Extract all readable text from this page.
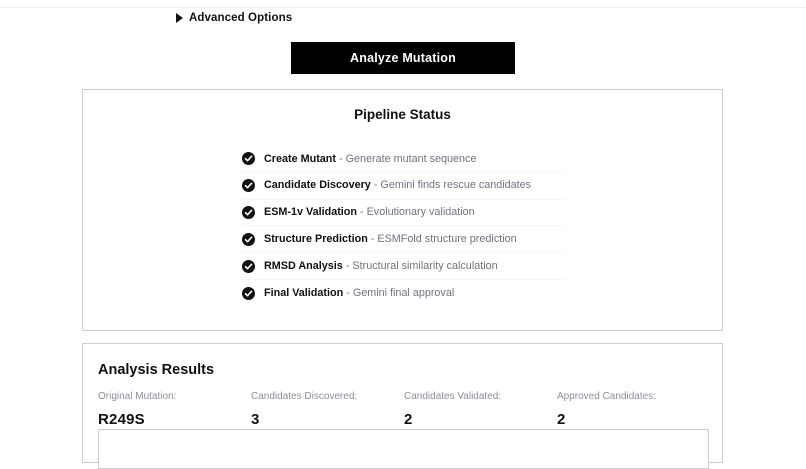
Advanced Options
Analyze Mutation
Pipeline Status
Create Mutant - Generate mutant sequence
Candidate Discovery - Gemini finds rescue candidates
ESM-1v Validation - Evolutionary validation
Structure Prediction - ESMFold structure prediction
RMSD Analysis - Structural similarity calculation
Final Validation - Gemini final approval
Analysis Results
Original Mutation:
R249S
Candidates Discovered:
3
Candidates Validated:
2
Approved Candidates:
2
